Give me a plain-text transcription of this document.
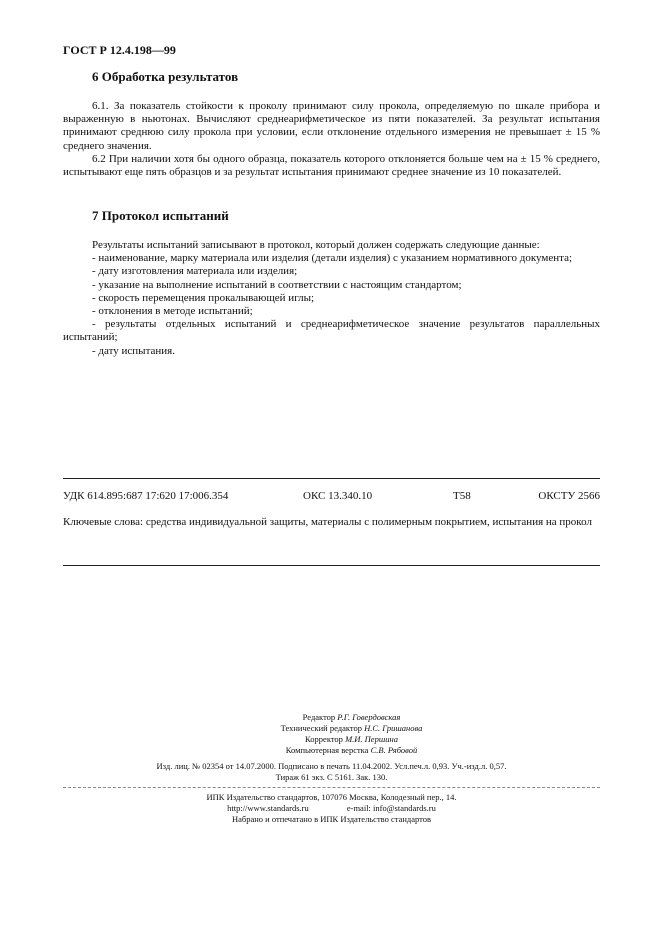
ГОСТ Р 12.4.198—99
6 Обработка результатов

6.1. За показатель стойкости к проколу принимают силу прокола, определяемую по шкале прибора и выраженную в ньютонах. Вычисляют среднеарифметическое из пяти показателей. За результат испытания принимают среднюю силу прокола при условии, если отклонение отдельного измерения не превышает ± 15 % среднего значения.

6.2 При наличии хотя бы одного образца, показатель которого отклоняется больше чем на ± 15 % среднего, испытывают еще пять образцов и за результат испытания принимают среднее значение из 10 показателей.

7 Протокол испытаний
Результаты испытаний записывают в протокол, который должен содержать следующие данные:
- наименование, марку материала или изделия (детали изделия) с указанием нормативного документа;
- дату изготовления материала или изделия;
- указание на выполнение испытаний в соответствии с настоящим стандартом;
- скорость перемещения прокалывающей иглы;
- отклонения в методе испытаний;
- результаты отдельных испытаний и среднеарифметическое значение результатов параллельных испытаний;
- дату испытания.
УДК 614.895:687 17:620 17:006.354	ОКС 13.340.10	Т58	ОКСТУ 2566

Ключевые слова: средства индивидуальной защиты, материалы с полимерным покрытием, испытания на прокол

Редактор Р.Г. Говердовская
Технический редактор Н.С. Гришанова
Корректор М.И. Першина
Компьютерная верстка С.В. Рябовой
Изд. лиц. № 02354 от 14.07.2000. Подписано в печать 11.04.2002. Усл.печ.л. 0,93. Уч.-изд.л. 0,57.
Тираж 61 экз. С 5161. Зак. 130.
ИПК Издательство стандартов, 107076 Москва, Колодезный пер., 14.
http://www.standards.ru	e-mail: info@standards.ru
Набрано и отпечатано в ИПК Издательство стандартов
